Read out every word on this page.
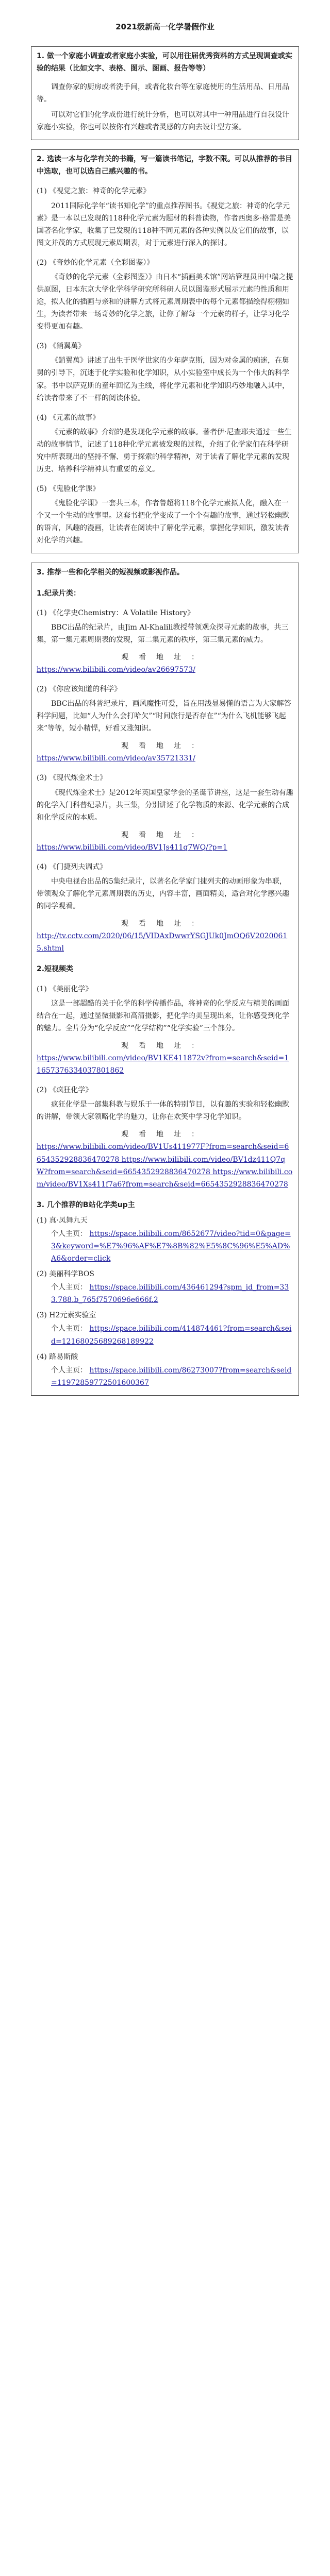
2021级新高一化学暑假作业
1. 做一个家庭小调查或者家庭小实验，可以用往届优秀资料的方式呈现调查或实验的结果（比如文字、表格、图示、图画、报告等等）
调查你家的厨房或者洗手间，或者化妆台等在家庭使用的生活用品、日用品等。
可以对它们的化学成份进行统计分析，也可以对其中一种用品进行自我设计家庭小实验，你也可以按你有兴趣或者灵感的方向去设计型方案。
2. 选读一本与化学有关的书籍，写一篇读书笔记，字数不限。可以从推荐的书目中选取，也可以选自己感兴趣的书。
(1) 《视觉之旅：神奇的化学元素》
2011国际化学年“读书知化学”的重点推荐图书。《视觉之旅：神奇的化学元素》是一本以已发现的118种化学元素为题材的科普读物，作者西奥多·格雷是美国著名化学家，收集了已发现的118种不同元素的各种实例以及它们的故事，以图文并茂的方式展现元素周期表，对于元素进行深入的探讨。
(2) 《奇妙的化学元素（全彩图鉴）》
《奇妙的化学元素（全彩图鉴）》由日本“插画美术馆”网站管理员田中瑞之提供原图，日本东京大学化学科学研究所科研人员以图鉴形式展示元素的性质和用途，拟人化的插画与亲和的讲解方式将元素周期表中的每个元素都描绘得栩栩如生，为读者带来一场奇妙的化学之旅，让你了解每一个元素的样子，让学习化学变得更加有趣。
(3) 《銷翼萬》
《銷翼萬》讲述了出生于医学世家的少年萨克斯，因为对金属的痴迷，在舅舅的引导下，沉迷于化学实验和化学知识，从小实验室中成长为一个伟大的科学家。书中以萨克斯的童年回忆为主线，将化学元素和化学知识巧妙地融入其中，给读者带来了不一样的阅读体验。
(4) 《元素的故事》
《元素的故事》介绍的是发现化学元素的故事。著者伊·尼查耶夫通过一些生动的故事情节，记述了118种化学元素被发现的过程，介绍了化学家们在科学研究中所表现出的坚持不懈、勇于探索的科学精神，对于读者了解化学元素的发现历史、培养科学精神具有重要的意义。
(5) 《鬼脸化学课》
《鬼脸化学课》一套共三本，作者鲁超将118个化学元素拟人化，融入在一个又一个生动的故事里。这套书把化学变成了一个个有趣的故事，通过轻松幽默的语言，风趣的漫画，让读者在阅读中了解化学元素，掌握化学知识，激发读者对化学的兴趣。
3. 推荐一些和化学相关的短视频或影视作品。
1.纪录片类：
(1) 《化学史Chemistry：A Volatile History》
BBC出品的纪录片，由Jim Al-Khalili教授带领观众探寻元素的故事，共三集，第一集元素周期表的发现，第二集元素的秩序，第三集元素的威力。
观看地址：
https://www.bilibili.com/video/av26697573/
(2) 《你应该知道的科学》
BBC出品的科普纪录片，画风魔性可爱，旨在用浅显易懂的语言为大家解答科学问题，比如“人为什么会打哈欠”“时间旅行是否存在”“为什么飞机能够飞起来”等等，短小精悍，好看又涨知识。
观看地址：
https://www.bilibili.com/video/av35721331/
(3) 《现代炼金术士》
《现代炼金术士》是2012年英国皇家学会的圣诞节讲座，这是一套生动有趣的化学入门科普纪录片，共三集，分别讲述了化学物质的来源、化学元素的合成和化学反应的本质。
观看地址：
https://www.bilibili.com/video/BV1Js411q7WQ/?p=1
(4) 《门捷列夫调式》
中央电视台出品的5集纪录片，以著名化学家门捷列夫的动画形象为串联，带领观众了解化学元素周期表的历史，内容丰富，画面精美，适合对化学感兴趣的同学观看。
观看地址：
http://tv.cctv.com/2020/06/15/VIDAxDwwrYSGJUk0JmOQ6V20200615.shtml
2.短视频类
(1) 《美丽化学》
这是一部超酷的关于化学的科学传播作品，将神奇的化学反应与精美的画面结合在一起，通过显微摄影和高清摄影，把化学的美呈现出来，让你感受到化学的魅力。全片分为“化学反应”“化学结构”“化学实验”三个部分。
观看地址：
https://www.bilibili.com/video/BV1KE411872v?from=search&seid=11657376334037801862
(2) 《疯狂化学》
疯狂化学是一部集科教与娱乐于一体的特别节目，以有趣的实验和轻松幽默的讲解，带领大家领略化学的魅力，让你在欢笑中学习化学知识。
观看地址：
https://www.bilibili.com/video/BV1Us411977F?from=search&seid=6654352928836470278 https://www.bilibili.com/video/BV1dz411Q7qW?from=search&seid=6654352928836470278 https://www.bilibili.com/video/BV1Xs411f7a6?from=search&seid=6654352928836470278
3. 几个推荐的B站化学类up主
(1) 真·凤舞九天
个人主页： https://space.bilibili.com/8652677/video?tid=0&page=3&keyword=%E7%96%AF%E7%8B%82%E5%8C%96%E5%AD%A6&order=click
(2) 美丽科学BOS
个人主页： https://space.bilibili.com/436461294?spm_id_from=333.788.b_765f7570696e666f.2
(3) H2元素实验室
个人主页： https://space.bilibili.com/414874461?from=search&seid=12168025689268189922
(4) 路易斯酸
个人主页： https://space.bilibili.com/86273007?from=search&seid=11972859772501600367
